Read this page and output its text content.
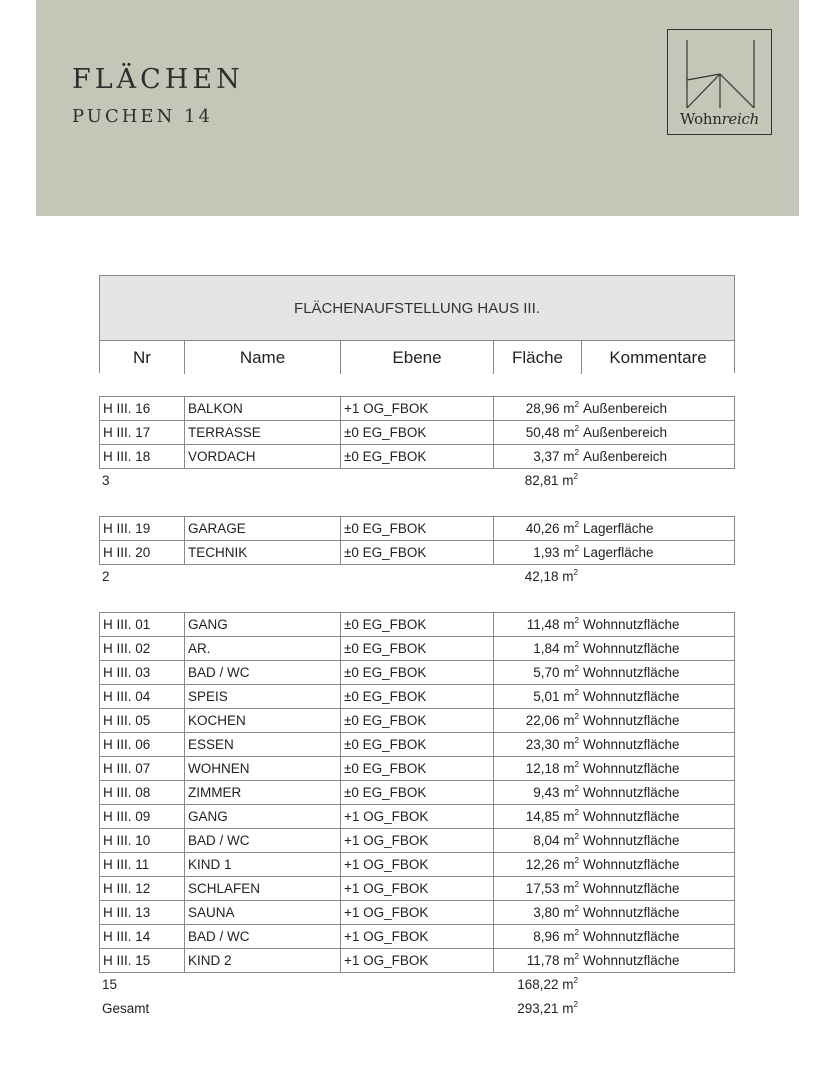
FLÄCHEN
PUCHEN 14	Wohnreich
FLÄCHENAUFSTELLUNG HAUS III.
Nr	Name	Ebene	Fläche	Kommentare
H III. 16	BALKON	+1 OG_FBOK	28,96 $m^2$ Außenbereich
H III. 17	TERRASSE	±0 EG_FBOK	50,48 $m^2$ Außenbereich
H III. 18	VORDACH	±0 EG_FBOK	3,37 $m^2$ Außenbereich
3	82,81 $m^2$
H III. 19	GARAGE	±0 EG_FBOK	40,26 $m^2$ Lagerfläche
H III. 20	TECHNIK	±0 EG_FBOK	1,93 $m^2$ Lagerfläche
2	42,18 $m^2$
H III. 01	GANG	±0 EG_FBOK	11,48 $m^2$ Wohnnutzfläche
H III. 02	AR.	±0 EG_FBOK	1,84 $m^2$ Wohnnutzfläche
H III. 03	BAD / WC	±0 EG_FBOK	5,70 $m^2$ Wohnnutzfläche
H III. 04	SPEIS	±0 EG_FBOK	5,01 $m^2$ Wohnnutzfläche
H III. 05	KOCHEN	±0 EG_FBOK	22,06 $m^2$ Wohnnutzfläche
H III. 06	ESSEN	±0 EG_FBOK	23,30 $m^2$ Wohnnutzfläche
H III. 07	WOHNEN	±0 EG_FBOK	12,18 $m^2$ Wohnnutzfläche
H III. 08	ZIMMER	±0 EG_FBOK	9,43 $m^2$ Wohnnutzfläche
H III. 09	GANG	+1 OG_FBOK	14,85 $m^2$ Wohnnutzfläche
H III. 10	BAD / WC	+1 OG_FBOK	8,04 $m^2$ Wohnnutzfläche
H III. 11	KIND 1	+1 OG_FBOK	12,26 $m^2$ Wohnnutzfläche
H III. 12	SCHLAFEN	+1 OG_FBOK	17,53 $m^2$ Wohnnutzfläche
H III. 13	SAUNA	+1 OG_FBOK	3,80 $m^2$ Wohnnutzfläche
H III. 14	BAD / WC	+1 OG_FBOK	8,96 $m^2$ Wohnnutzfläche
H III. 15	KIND 2	+1 OG_FBOK	11,78 $m^2$ Wohnnutzfläche
15	168,22 $m^2$
Gesamt	293,21 $m^2$
